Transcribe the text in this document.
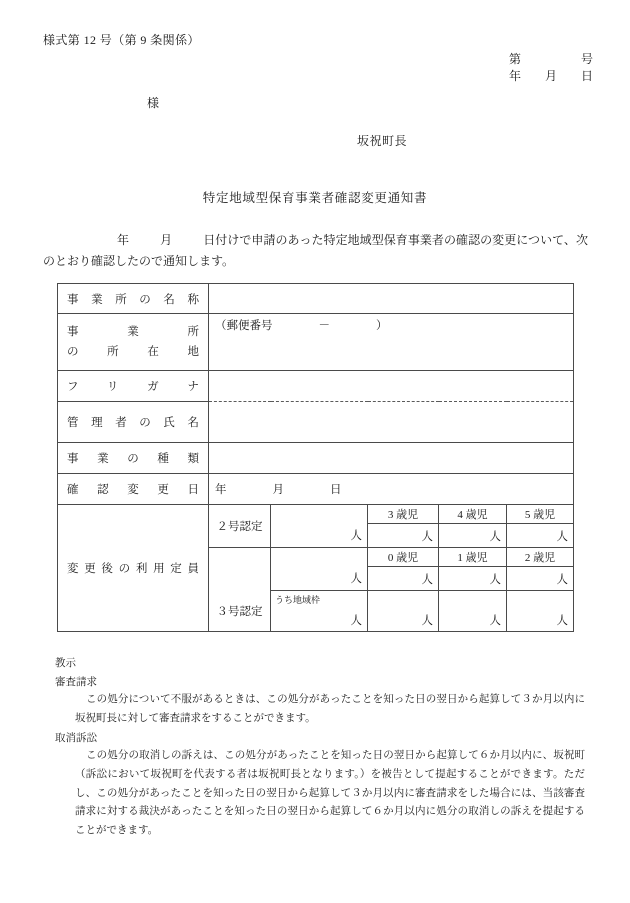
様式第 12 号（第 9 条関係）
第　　　　　号
年　　月　　日
様
坂祝町長
特定地域型保育事業者確認変更通知書
年	月	日付けで申請のあった特定地域型保育事業者の確認の変更について、次のとおり確認したので通知します。
事業所の名称					

事業所
の所在地	（郵便番号　　　　－　　　　）				
フリガナ					
管理者の氏名					
事業の種類					
確認変更日	年　　　　月　　　　日				
変更後の利用定員	２号認定		3 歳児	4 歳児	5 歳児
		人	人	人	人
			0 歳児	1 歳児	2 歳児
		人	人	人	人
	３号認定	うち地域枠			
		人	人	人	人
教示
審査請求

この処分について不服があるときは、この処分があったことを知った日の翌日から起算して３か月以内に坂祝町長に対して審査請求をすることができます。

取消訴訟

この処分の取消しの訴えは、この処分があったことを知った日の翌日から起算して６か月以内に、坂祝町（訴訟において坂祝町を代表する者は坂祝町長となります。）を被告として提起することができます。ただし、この処分があったことを知った日の翌日から起算して３か月以内に審査請求をした場合には、当該審査請求に対する裁決があったことを知った日の翌日から起算して６か月以内に処分の取消しの訴えを提起することができます。
